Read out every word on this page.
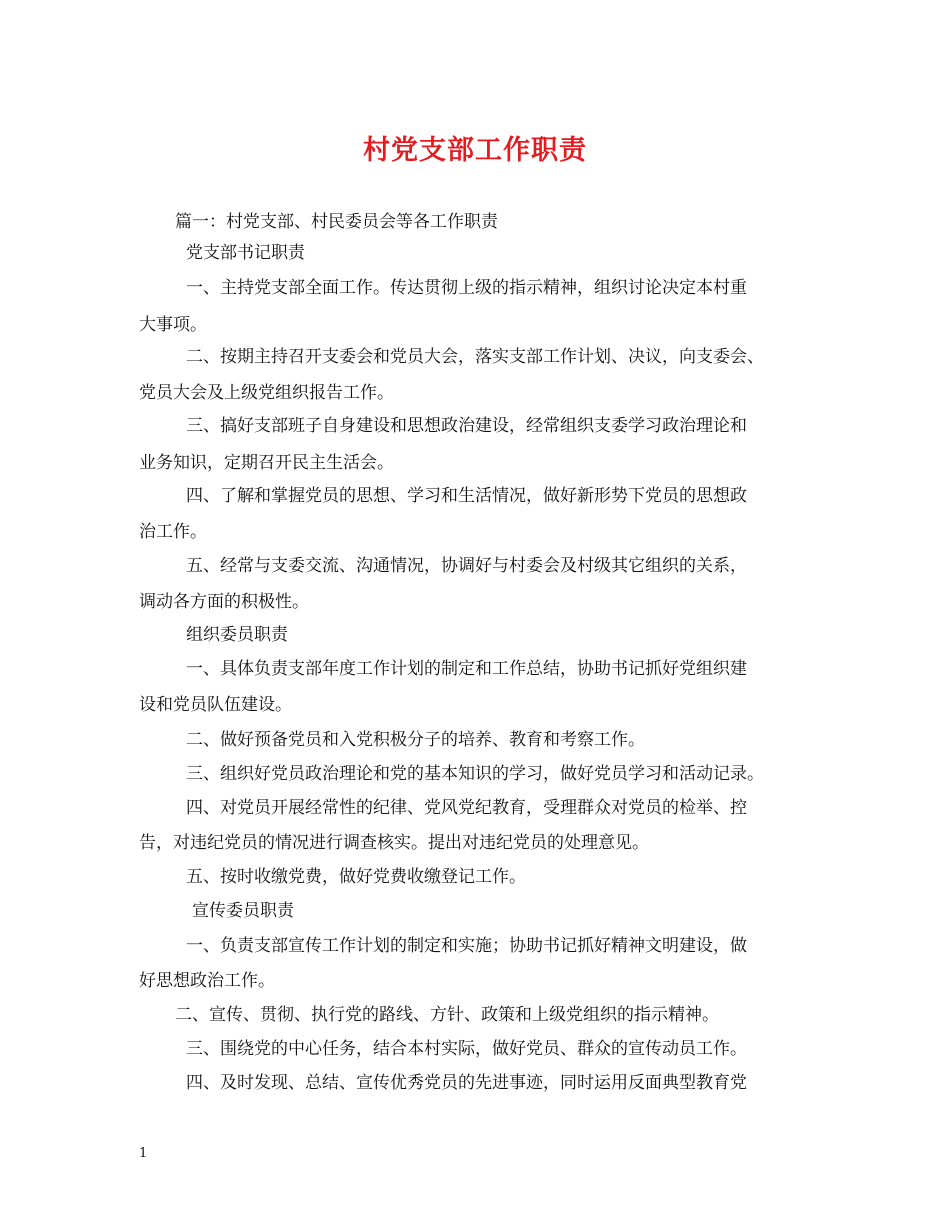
村党支部工作职责
篇一：村党支部、村民委员会等各工作职责
党支部书记职责
一、主持党支部全面工作。传达贯彻上级的指示精神，组织讨论决定本村重
大事项。
二、按期主持召开支委会和党员大会，落实支部工作计划、决议，向支委会、
党员大会及上级党组织报告工作。
三、搞好支部班子自身建设和思想政治建设，经常组织支委学习政治理论和
业务知识，定期召开民主生活会。
四、了解和掌握党员的思想、学习和生活情况，做好新形势下党员的思想政
治工作。
五、经常与支委交流、沟通情况，协调好与村委会及村级其它组织的关系，
调动各方面的积极性。
组织委员职责
一、具体负责支部年度工作计划的制定和工作总结，协助书记抓好党组织建
设和党员队伍建设。
二、做好预备党员和入党积极分子的培养、教育和考察工作。
三、组织好党员政治理论和党的基本知识的学习，做好党员学习和活动记录。
四、对党员开展经常性的纪律、党风党纪教育，受理群众对党员的检举、控
告，对违纪党员的情况进行调查核实。提出对违纪党员的处理意见。
五、按时收缴党费，做好党费收缴登记工作。
宣传委员职责
一、负责支部宣传工作计划的制定和实施；协助书记抓好精神文明建设，做
好思想政治工作。
二、宣传、贯彻、执行党的路线、方针、政策和上级党组织的指示精神。
三、围绕党的中心任务，结合本村实际，做好党员、群众的宣传动员工作。
四、及时发现、总结、宣传优秀党员的先进事迹，同时运用反面典型教育党
1
